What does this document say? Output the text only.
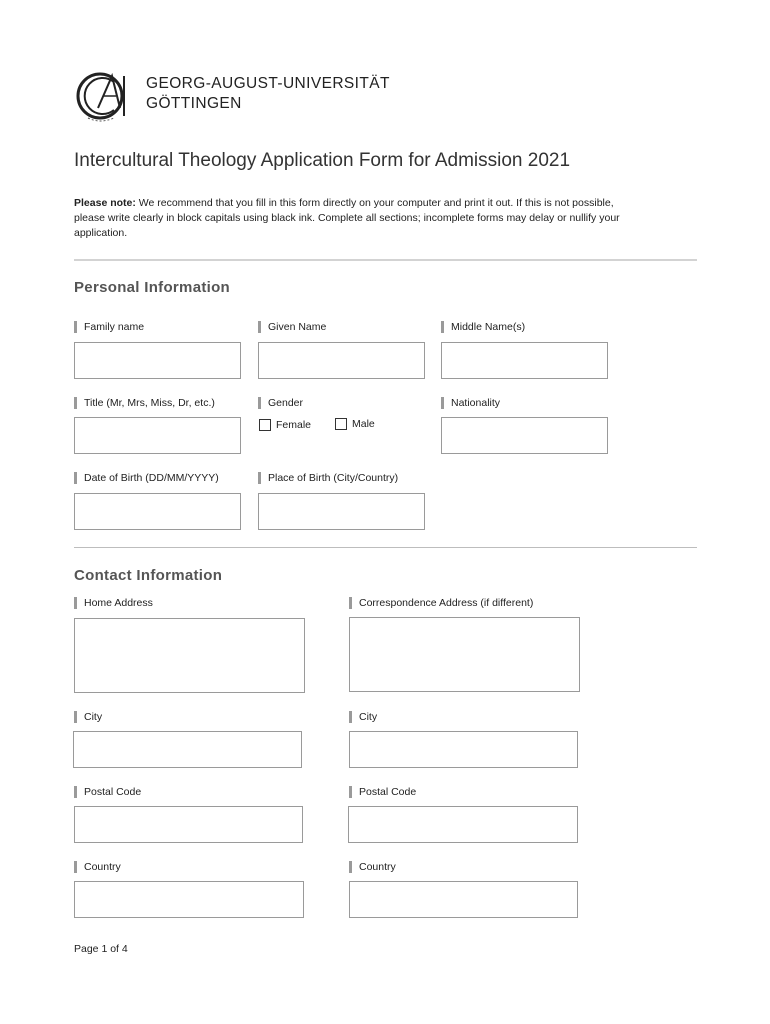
GEORG-AUGUST-UNIVERSITÄT
GÖTTINGEN
Intercultural Theology Application Form for Admission 2021
Please note: We recommend that you fill in this form directly on your computer and print it out. If this is not possible, please write clearly in block capitals using black ink. Complete all sections; incomplete forms may delay or nullify your application.
Personal Information
Family name	Given Name	Middle Name(s)
Title (Mr, Mrs, Miss, Dr, etc.)	Gender	Nationality
Female	Male
Date of Birth (DD/MM/YYYY)	Place of Birth (City/Country)
Contact Information
Home Address	Correspondence Address (if different)
City	City
Postal Code	Postal Code
Country	Country
Page 1 of 4
